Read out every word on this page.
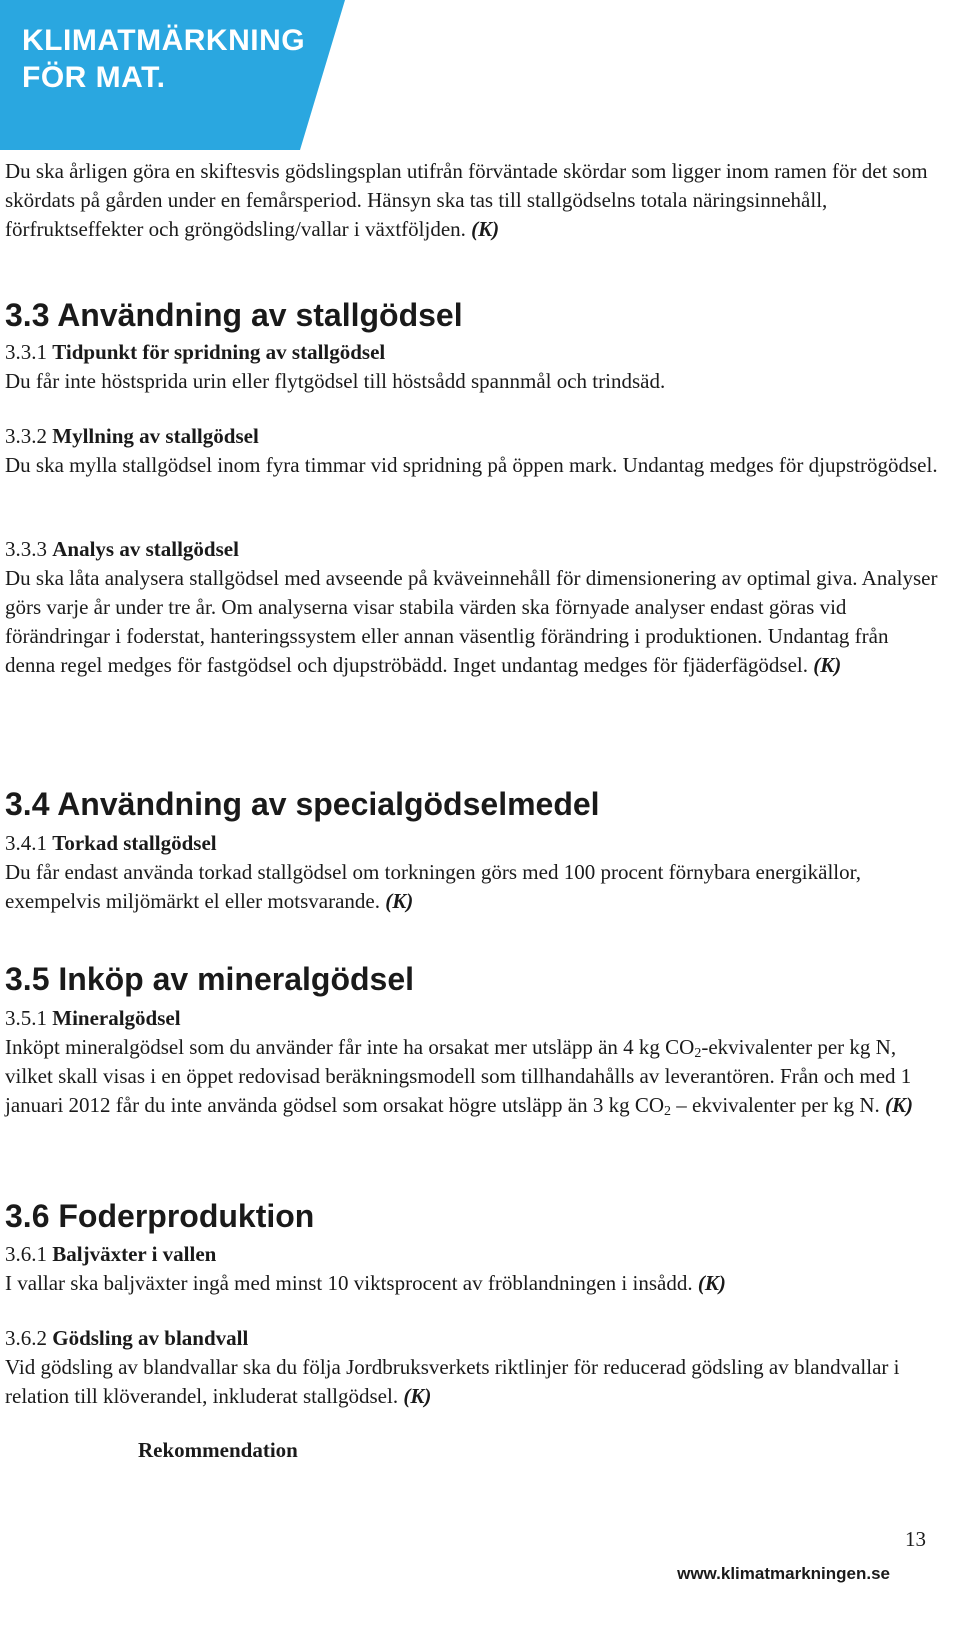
KLIMATMÄRKNING
FÖR MAT.

Du ska årligen göra en skiftesvis gödslingsplan utifrån förväntade skördar som ligger inom ramen för det som skördats på gården under en femårsperiod. Hänsyn ska tas till stallgödselns totala näringsinnehåll, förfruktseffekter och gröngödsling/vallar i växtföljden. (K)

3.3 Användning av stallgödsel

3.3.1 Tidpunkt för spridning av stallgödsel

Du får inte höstsprida urin eller flytgödsel till höstsådd spannmål och trindsäd.

3.3.2 Myllning av stallgödsel

Du ska mylla stallgödsel inom fyra timmar vid spridning på öppen mark. Undantag medges för djupströgödsel.

3.3.3 Analys av stallgödsel

Du ska låta analysera stallgödsel med avseende på kväveinnehåll för dimensionering av optimal giva. Analyser görs varje år under tre år. Om analyserna visar stabila värden ska förnyade analyser endast göras vid förändringar i foderstat, hanteringssystem eller annan väsentlig förändring i produktionen. Undantag från denna regel medges för fastgödsel och djupströbädd. Inget undantag medges för fjäderfägödsel. (K)

3.4 Användning av specialgödselmedel

3.4.1 Torkad stallgödsel

Du får endast använda torkad stallgödsel om torkningen görs med 100 procent förnybara energikällor, exempelvis miljömärkt el eller motsvarande. (K)

3.5 Inköp av mineralgödsel

3.5.1 Mineralgödsel

Inköpt mineralgödsel som du använder får inte ha orsakat mer utsläpp än 4 kg $CO_2$-ekvivalenter per kg N, vilket skall visas i en öppet redovisad beräkningsmodell som tillhandahålls av leverantören. Från och med 1 januari 2012 får du inte använda gödsel som orsakat högre utsläpp än 3 kg $CO_2$ – ekvivalenter per kg N. (K)

3.6 Foderproduktion

3.6.1 Baljväxter i vallen

I vallar ska baljväxter ingå med minst 10 viktsprocent av fröblandningen i insådd. (K)

3.6.2 Gödsling av blandvall

Vid gödsling av blandvallar ska du följa Jordbruksverkets riktlinjer för reducerad gödsling av blandvallar i relation till klöverandel, inkluderat stallgödsel. (K)

Rekommendation
13
www.klimatmarkningen.se
